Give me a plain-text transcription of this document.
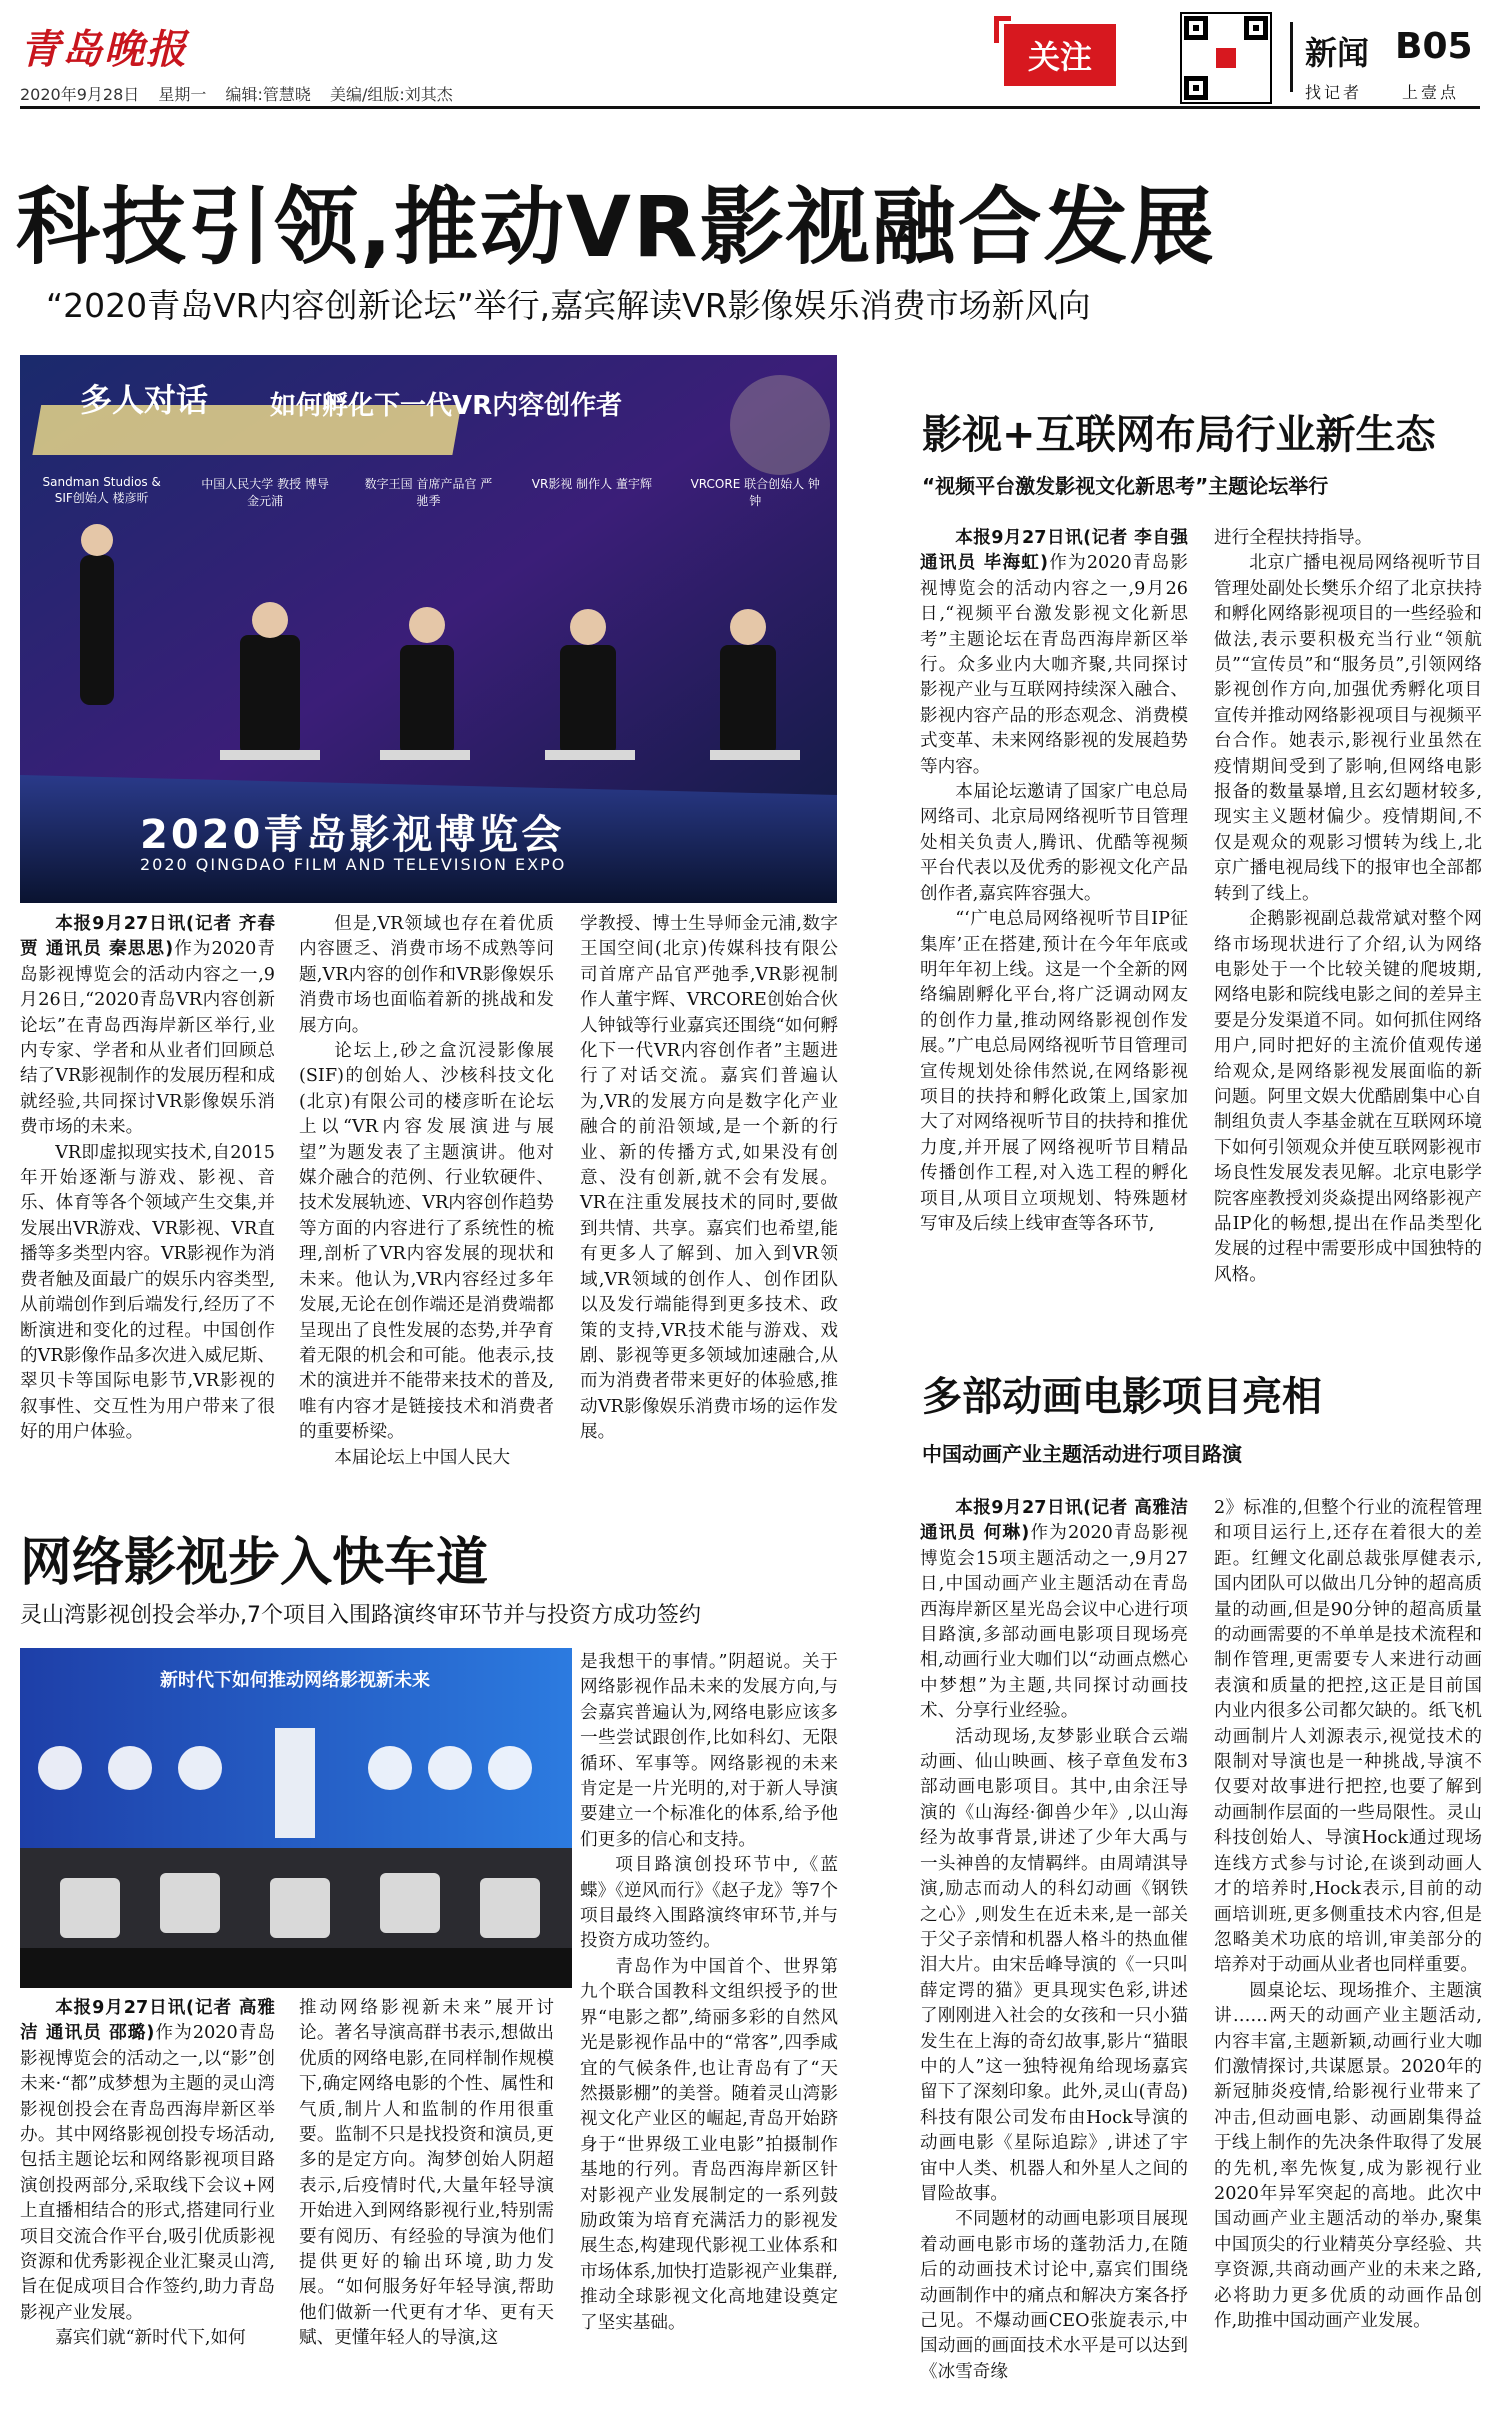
青岛晚报
2020年9月28日 星期一 编辑:管慧晓 美编/组版:刘其杰
关注	新闻 B05
找记者	上壹点
科技引领,推动VR影视融合发展
“2020青岛VR内容创新论坛”举行,嘉宾解读VR影像娱乐消费市场新风向
多人对话 如何孵化下一代VR内容创作者
Sandman Studios & SIF创始人 楼彦昕
中国人民大学 教授 博导 金元浦
数字王国 首席产品官 严驰季
VR影视 制作人 董宇辉	VRCORE 联合创始人 钟钟
2020青岛影视博览会
2020 QINGDAO FILM AND TELEVISION EXPO

本报9月27日讯(记者 齐春贾 通讯员 秦思思)作为2020青岛影视博览会的活动内容之一,9月26日,“2020青岛VR内容创新论坛”在青岛西海岸新区举行,业内专家、学者和从业者们回顾总结了VR影视制作的发展历程和成就经验,共同探讨VR影像娱乐消费市场的未来。

VR即虚拟现实技术,自2015年开始逐渐与游戏、影视、音乐、体育等各个领域产生交集,并发展出VR游戏、VR影视、VR直播等多类型内容。VR影视作为消费者触及面最广的娱乐内容类型,从前端创作到后端发行,经历了不断演进和变化的过程。中国创作的VR影像作品多次进入威尼斯、翠贝卡等国际电影节,VR影视的叙事性、交互性为用户带来了很好的用户体验。

但是,VR领域也存在着优质内容匮乏、消费市场不成熟等问题,VR内容的创作和VR影像娱乐消费市场也面临着新的挑战和发展方向。

论坛上,砂之盒沉浸影像展(SIF)的创始人、沙核科技文化(北京)有限公司的楼彦昕在论坛上以“VR内容发展演进与展望”为题发表了主题演讲。他对媒介融合的范例、行业软硬件、技术发展轨迹、VR内容创作趋势等方面的内容进行了系统性的梳理,剖析了VR内容发展的现状和未来。他认为,VR内容经过多年发展,无论在创作端还是消费端都呈现出了良性发展的态势,并孕育着无限的机会和可能。他表示,技术的演进并不能带来技术的普及,唯有内容才是链接技术和消费者的重要桥梁。

本届论坛上中国人民大

学教授、博士生导师金元浦,数字王国空间(北京)传媒科技有限公司首席产品官严弛季,VR影视制作人董宇辉、VRCORE创始合伙人钟钺等行业嘉宾还围绕“如何孵化下一代VR内容创作者”主题进行了对话交流。嘉宾们普遍认为,VR的发展方向是数字化产业融合的前沿领域,是一个新的行业、新的传播方式,如果没有创意、没有创新,就不会有发展。VR在注重发展技术的同时,要做到共情、共享。嘉宾们也希望,能有更多人了解到、加入到VR领域,VR领域的创作人、创作团队以及发行端能得到更多技术、政策的支持,VR技术能与游戏、戏剧、影视等更多领域加速融合,从而为消费者带来更好的体验感,推动VR影像娱乐消费市场的运作发展。

影视+互联网布局行业新生态
“视频平台激发影视文化新思考”主题论坛举行

本报9月27日讯(记者 李自强 通讯员 毕海虹)作为2020青岛影视博览会的活动内容之一,9月26日,“视频平台激发影视文化新思考”主题论坛在青岛西海岸新区举行。众多业内大咖齐聚,共同探讨影视产业与互联网持续深入融合、影视内容产品的形态观念、消费模式变革、未来网络影视的发展趋势等内容。

本届论坛邀请了国家广电总局网络司、北京局网络视听节目管理处相关负责人,腾讯、优酷等视频平台代表以及优秀的影视文化产品创作者,嘉宾阵容强大。

“‘广电总局网络视听节目IP征集库’正在搭建,预计在今年年底或明年年初上线。这是一个全新的网络编剧孵化平台,将广泛调动网友的创作力量,推动网络影视创作发展。”广电总局网络视听节目管理司宣传规划处徐伟然说,在网络影视项目的扶持和孵化政策上,国家加大了对网络视听节目的扶持和推优力度,并开展了网络视听节目精品传播创作工程,对入选工程的孵化项目,从项目立项规划、特殊题材写审及后续上线审查等各环节,

进行全程扶持指导。

北京广播电视局网络视听节目管理处副处长樊乐介绍了北京扶持和孵化网络影视项目的一些经验和做法,表示要积极充当行业“领航员”“宣传员”和“服务员”,引领网络影视创作方向,加强优秀孵化项目宣传并推动网络影视项目与视频平台合作。她表示,影视行业虽然在疫情期间受到了影响,但网络电影报备的数量暴增,且玄幻题材较多,现实主义题材偏少。疫情期间,不仅是观众的观影习惯转为线上,北京广播电视局线下的报审也全部都转到了线上。

企鹅影视副总裁常斌对整个网络市场现状进行了介绍,认为网络电影处于一个比较关键的爬坡期,网络电影和院线电影之间的差异主要是分发渠道不同。如何抓住网络用户,同时把好的主流价值观传递给观众,是网络影视发展面临的新问题。阿里文娱大优酷剧集中心自制组负责人李基金就在互联网环境下如何引领观众并使互联网影视市场良性发展发表见解。北京电影学院客座教授刘炎焱提出网络影视产品IP化的畅想,提出在作品类型化发展的过程中需要形成中国独特的风格。

多部动画电影项目亮相
中国动画产业主题活动进行项目路演

本报9月27日讯(记者 高雅洁 通讯员 何琳)作为2020青岛影视博览会15项主题活动之一,9月27日,中国动画产业主题活动在青岛西海岸新区星光岛会议中心进行项目路演,多部动画电影项目现场亮相,动画行业大咖们以“动画点燃心中梦想”为主题,共同探讨动画技术、分享行业经验。

活动现场,友梦影业联合云端动画、仙山映画、核子章鱼发布3部动画电影项目。其中,由余汪导演的《山海经·御兽少年》,以山海经为故事背景,讲述了少年大禹与一头神兽的友情羁绊。由周靖淇导演,励志而动人的科幻动画《钢铁之心》,则发生在近未来,是一部关于父子亲情和机器人格斗的热血催泪大片。由宋岳峰导演的《一只叫薛定谔的猫》更具现实色彩,讲述了刚刚进入社会的女孩和一只小猫发生在上海的奇幻故事,影片“猫眼中的人”这一独特视角给现场嘉宾留下了深刻印象。此外,灵山(青岛)科技有限公司发布由Hock导演的动画电影《星际追踪》,讲述了宇宙中人类、机器人和外星人之间的冒险故事。

不同题材的动画电影项目展现着动画电影市场的蓬勃活力,在随后的动画技术讨论中,嘉宾们围绕动画制作中的痛点和解决方案各抒己见。不爆动画CEO张旋表示,中国动画的画面技术水平是可以达到《冰雪奇缘

2》标准的,但整个行业的流程管理和项目运行上,还存在着很大的差距。红鲤文化副总裁张厚健表示,国内团队可以做出几分钟的超高质量的动画,但是90分钟的超高质量的动画需要的不单单是技术流程和制作管理,更需要专人来进行动画表演和质量的把控,这正是目前国内业内很多公司都欠缺的。纸飞机动画制片人刘源表示,视觉技术的限制对导演也是一种挑战,导演不仅要对故事进行把控,也要了解到动画制作层面的一些局限性。灵山科技创始人、导演Hock通过现场连线方式参与讨论,在谈到动画人才的培养时,Hock表示,目前的动画培训班,更多侧重技术内容,但是忽略美术功底的培训,审美部分的培养对于动画从业者也同样重要。

圆桌论坛、现场推介、主题演讲……两天的动画产业主题活动,内容丰富,主题新颖,动画行业大咖们激情探讨,共谋愿景。2020年的新冠肺炎疫情,给影视行业带来了冲击,但动画电影、动画剧集得益于线上制作的先决条件取得了发展的先机,率先恢复,成为影视行业2020年异军突起的高地。此次中国动画产业主题活动的举办,聚集中国顶尖的行业精英分享经验、共享资源,共商动画产业的未来之路,必将助力更多优质的动画作品创作,助推中国动画产业发展。

网络影视步入快车道
灵山湾影视创投会举办,7个项目入围路演终审环节并与投资方成功签约
新时代下如何推动网络影视新未来

本报9月27日讯(记者 高雅洁 通讯员 邵璐)作为2020青岛影视博览会的活动之一,以“影”创未来·“都”成梦想为主题的灵山湾影视创投会在青岛西海岸新区举办。其中网络影视创投专场活动,包括主题论坛和网络影视项目路演创投两部分,采取线下会议+网上直播相结合的形式,搭建同行业项目交流合作平台,吸引优质影视资源和优秀影视企业汇聚灵山湾,旨在促成项目合作签约,助力青岛影视产业发展。

嘉宾们就“新时代下,如何

推动网络影视新未来”展开讨论。著名导演高群书表示,想做出优质的网络电影,在同样制作规模下,确定网络电影的个性、属性和气质,制片人和监制的作用很重要。监制不只是找投资和演员,更多的是定方向。淘梦创始人阴超表示,后疫情时代,大量年轻导演开始进入到网络影视行业,特别需要有阅历、有经验的导演为他们提供更好的输出环境,助力发展。“如何服务好年轻导演,帮助他们做新一代更有才华、更有天赋、更懂年轻人的导演,这

是我想干的事情。”阴超说。关于网络影视作品未来的发展方向,与会嘉宾普遍认为,网络电影应该多一些尝试跟创作,比如科幻、无限循环、军事等。网络影视的未来肯定是一片光明的,对于新人导演要建立一个标准化的体系,给予他们更多的信心和支持。

项目路演创投环节中,《蓝蝶》《逆风而行》《赵子龙》等7个项目最终入围路演终审环节,并与投资方成功签约。

青岛作为中国首个、世界第九个联合国教科文组织授予的世界“电影之都”,绮丽多彩的自然风光是影视作品中的“常客”,四季咸宜的气候条件,也让青岛有了“天然摄影棚”的美誉。随着灵山湾影视文化产业区的崛起,青岛开始跻身于“世界级工业电影”拍摄制作基地的行列。青岛西海岸新区针对影视产业发展制定的一系列鼓励政策为培育充满活力的影视发展生态,构建现代影视工业体系和市场体系,加快打造影视产业集群,推动全球影视文化高地建设奠定了坚实基础。
